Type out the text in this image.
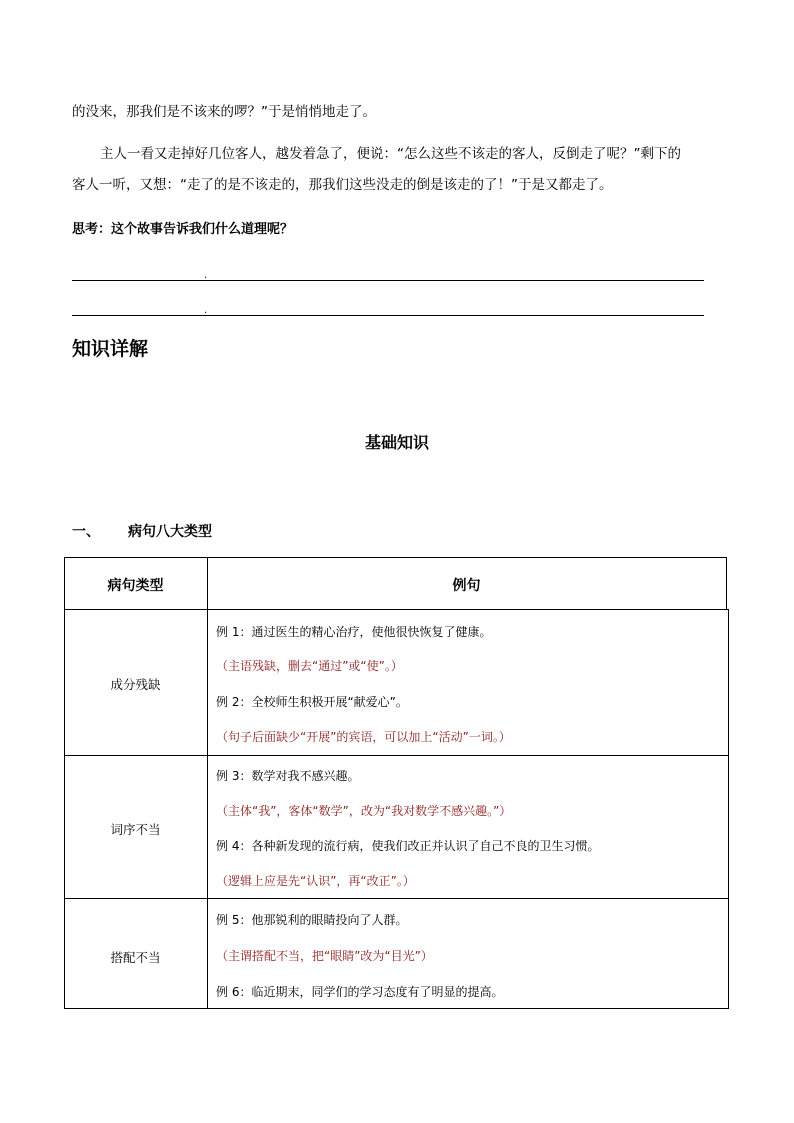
的没来，那我们是不该来的啰？”于是悄悄地走了。
主人一看又走掉好几位客人，越发着急了，便说：“怎么这些不该走的客人，反倒走了呢？”剩下的
客人一听，又想：“走了的是不该走的，那我们这些没走的倒是该走的了！”于是又都走了。
思考：这个故事告诉我们什么道理呢？
.
.
知识详解
基础知识
一、 病句八大类型
病句类型	例句
成分残缺
例 1：通过医生的精心治疗，使他很快恢复了健康。
（主语残缺，删去“通过”或“使”。）
例 2：全校师生积极开展“献爱心”。
（句子后面缺少“开展”的宾语，可以加上“活动”一词。）
词序不当
例 3：数学对我不感兴趣。
（主体“我”，客体“数学”，改为“我对数学不感兴趣。”）
例 4：各种新发现的流行病，使我们改正并认识了自己不良的卫生习惯。
（逻辑上应是先“认识”，再“改正”。）
搭配不当
例 5：他那锐利的眼睛投向了人群。
（主谓搭配不当，把“眼睛”改为“目光”）
例 6：临近期末，同学们的学习态度有了明显的提高。
